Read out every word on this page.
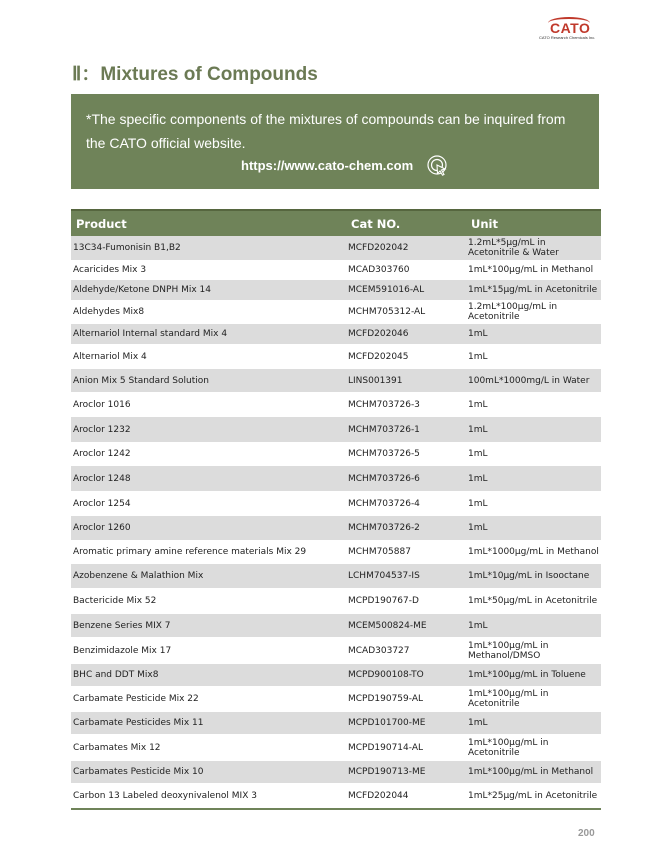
CATO
CATO Research Chemicals Inc.
Ⅱ：Mixtures of Compounds
*The specific components of the mixtures of compounds can be inquired from the CATO official website.
https://www.cato-chem.com
Product	Cat NO.	Unit
13C34-Fumonisin B1,B2	MCFD202042	1.2mL*5μg/mL in Acetonitrile & Water
Acaricides Mix 3	MCAD303760	1mL*100μg/mL in Methanol
Aldehyde/Ketone DNPH Mix 14	MCEM591016-AL	1mL*15μg/mL in Acetonitrile
Aldehydes Mix8	MCHM705312-AL	1.2mL*100μg/mL in Acetonitrile
Alternariol Internal standard Mix 4	MCFD202046	1mL
Alternariol Mix 4	MCFD202045	1mL
Anion Mix 5 Standard Solution	LINS001391	100mL*1000mg/L in Water
Aroclor 1016	MCHM703726-3	1mL
Aroclor 1232	MCHM703726-1	1mL
Aroclor 1242	MCHM703726-5	1mL
Aroclor 1248	MCHM703726-6	1mL
Aroclor 1254	MCHM703726-4	1mL
Aroclor 1260	MCHM703726-2	1mL
Aromatic primary amine reference materials Mix 29	MCHM705887	1mL*1000μg/mL in Methanol
Azobenzene & Malathion Mix	LCHM704537-IS	1mL*10μg/mL in Isooctane
Bactericide Mix 52	MCPD190767-D	1mL*50μg/mL in Acetonitrile
Benzene Series MIX 7	MCEM500824-ME	1mL
Benzimidazole Mix 17	MCAD303727	1mL*100μg/mL in Methanol/DMSO
BHC and DDT Mix8	MCPD900108-TO	1mL*100μg/mL in Toluene
Carbamate Pesticide Mix 22	MCPD190759-AL	1mL*100μg/mL in Acetonitrile
Carbamate Pesticides Mix 11	MCPD101700-ME	1mL
Carbamates Mix 12	MCPD190714-AL	1mL*100μg/mL in Acetonitrile
Carbamates Pesticide Mix 10	MCPD190713-ME	1mL*100μg/mL in Methanol
Carbon 13 Labeled deoxynivalenol MIX 3	MCFD202044	1mL*25μg/mL in Acetonitrile
200
